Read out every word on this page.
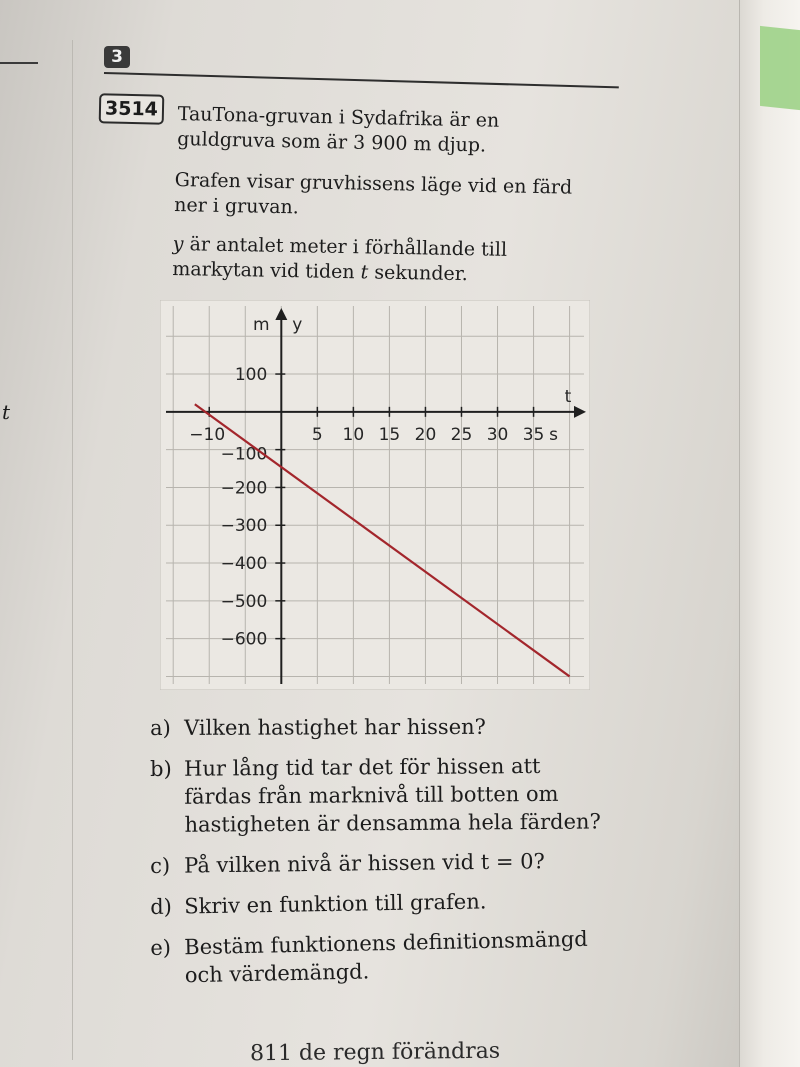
t
3
3514	TauTona-gruvan i Sydafrika är en
guldgruva som är 3 900 m djup.
Grafen visar gruvhissens läge vid en färd
ner i gruvan.
y är antalet meter i förhållande till
markytan vid tiden t sekunder.
m y
t
5 10 15 20 25 30 35 s
−10
100
−100
−200
−300
−400
−500
−600
a) Vilken hastighet har hissen?
b) Hur lång tid tar det för hissen att
färdas från marknivå till botten om
hastigheten är densamma hela färden?
c) På vilken nivå är hissen vid t = 0?
d) Skriv en funktion till grafen.
e) Bestäm funktionens definitionsmängd
och värdemängd.
811 de regn förändras
